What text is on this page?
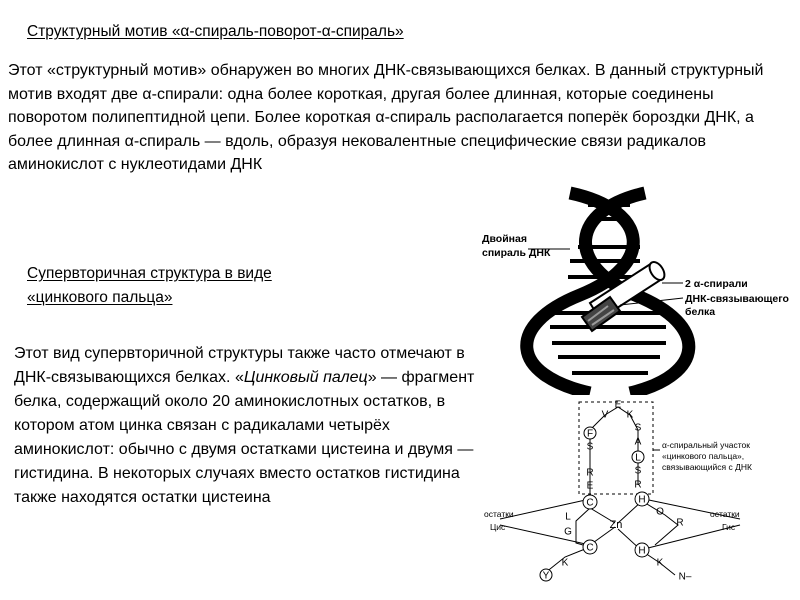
Структурный мотив «α-спираль-поворот-α-спираль»
Этот «структурный мотив» обнаружен во многих ДНК-связывающихся белках. В данный структурный мотив входят две α-спирали: одна более короткая, другая более длинная, которые соединены поворотом полипептидной цепи. Более короткая α-спираль располагается поперёк бороздки ДНК, а более длинная α-спираль — вдоль, образуя нековалентные специфические связи радикалов аминокислот с нуклеотидами ДНК
Супервторичная структура в виде
«цинкового пальца»
Этот вид супервторичной структуры также часто отмечают в ДНК-связывающихся белках. «Цинковый палец» — фрагмент белка, содержащий около 20 аминокислотных остатков, в котором атом цинка связан с радикалами четырёх аминокислот: обычно с двумя остатками цистеина и двумя — гистидина. В некоторых случаях вместо остатков гистидина также находятся остатки цистеина
Двойная
спираль ДНК
2 α-спирали
ДНК-связывающего
белка
C
C
H
H
F
L
Y
V
E
K
S
A
S
R
S
I
R
E
L
G
O
R
K	K
N–
Zn
α-спиральный участок
«цинкового пальца»,
связывающийся с ДНК
остатки
Цис
остатки
Гис
